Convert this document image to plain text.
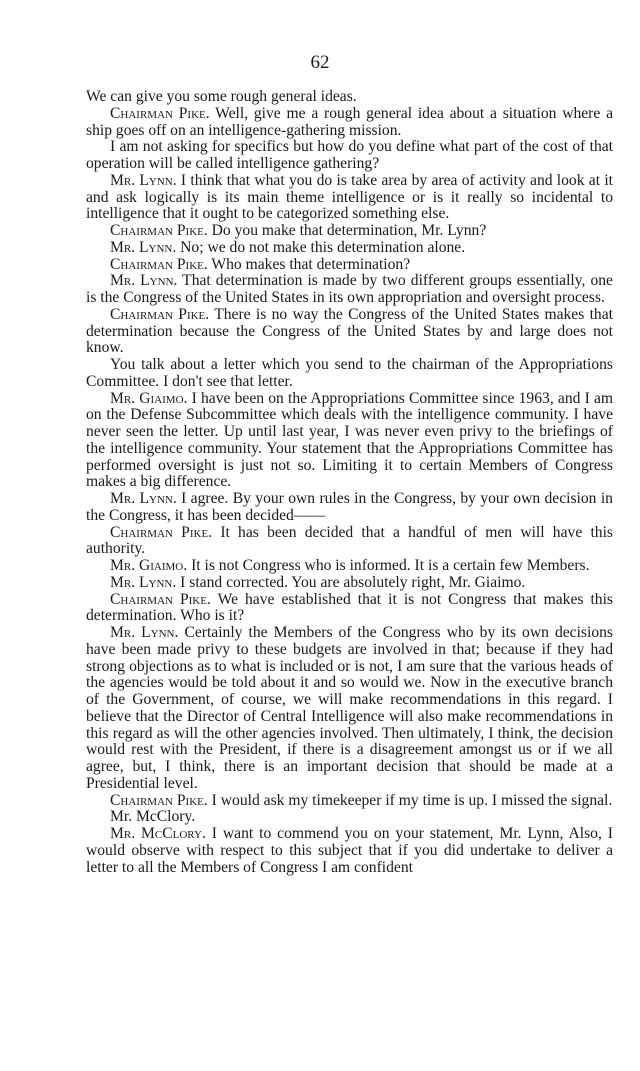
62

We can give you some rough general ideas.

Chairman Pike. Well, give me a rough general idea about a situation where a ship goes off on an intelligence-gathering mission.

I am not asking for specifics but how do you define what part of the cost of that operation will be called intelligence gathering?

Mr. Lynn. I think that what you do is take area by area of activity and look at it and ask logically is its main theme intelligence or is it really so incidental to intelligence that it ought to be categorized something else.

Chairman Pike. Do you make that determination, Mr. Lynn?

Mr. Lynn. No; we do not make this determination alone.

Chairman Pike. Who makes that determination?

Mr. Lynn. That determination is made by two different groups essentially, one is the Congress of the United States in its own appropriation and oversight process.

Chairman Pike. There is no way the Congress of the United States makes that determination because the Congress of the United States by and large does not know.

You talk about a letter which you send to the chairman of the Appropriations Committee. I don't see that letter.

Mr. Giaimo. I have been on the Appropriations Committee since 1963, and I am on the Defense Subcommittee which deals with the intelligence community. I have never seen the letter. Up until last year, I was never even privy to the briefings of the intelligence community. Your statement that the Appropriations Committee has performed oversight is just not so. Limiting it to certain Members of Congress makes a big difference.

Mr. Lynn. I agree. By your own rules in the Congress, by your own decision in the Congress, it has been decided——

Chairman Pike. It has been decided that a handful of men will have this authority.

Mr. Giaimo. It is not Congress who is informed. It is a certain few Members.

Mr. Lynn. I stand corrected. You are absolutely right, Mr. Giaimo.

Chairman Pike. We have established that it is not Congress that makes this determination. Who is it?

Mr. Lynn. Certainly the Members of the Congress who by its own decisions have been made privy to these budgets are involved in that; because if they had strong objections as to what is included or is not, I am sure that the various heads of the agencies would be told about it and so would we. Now in the executive branch of the Government, of course, we will make recommendations in this regard. I believe that the Director of Central Intelligence will also make recommendations in this regard as will the other agencies involved. Then ultimately, I think, the decision would rest with the President, if there is a disagreement amongst us or if we all agree, but, I think, there is an important decision that should be made at a Presidential level.

Chairman Pike. I would ask my timekeeper if my time is up. I missed the signal.

Mr. McClory.

Mr. McClory. I want to commend you on your statement, Mr. Lynn, Also, I would observe with respect to this subject that if you did undertake to deliver a letter to all the Members of Congress I am confident
